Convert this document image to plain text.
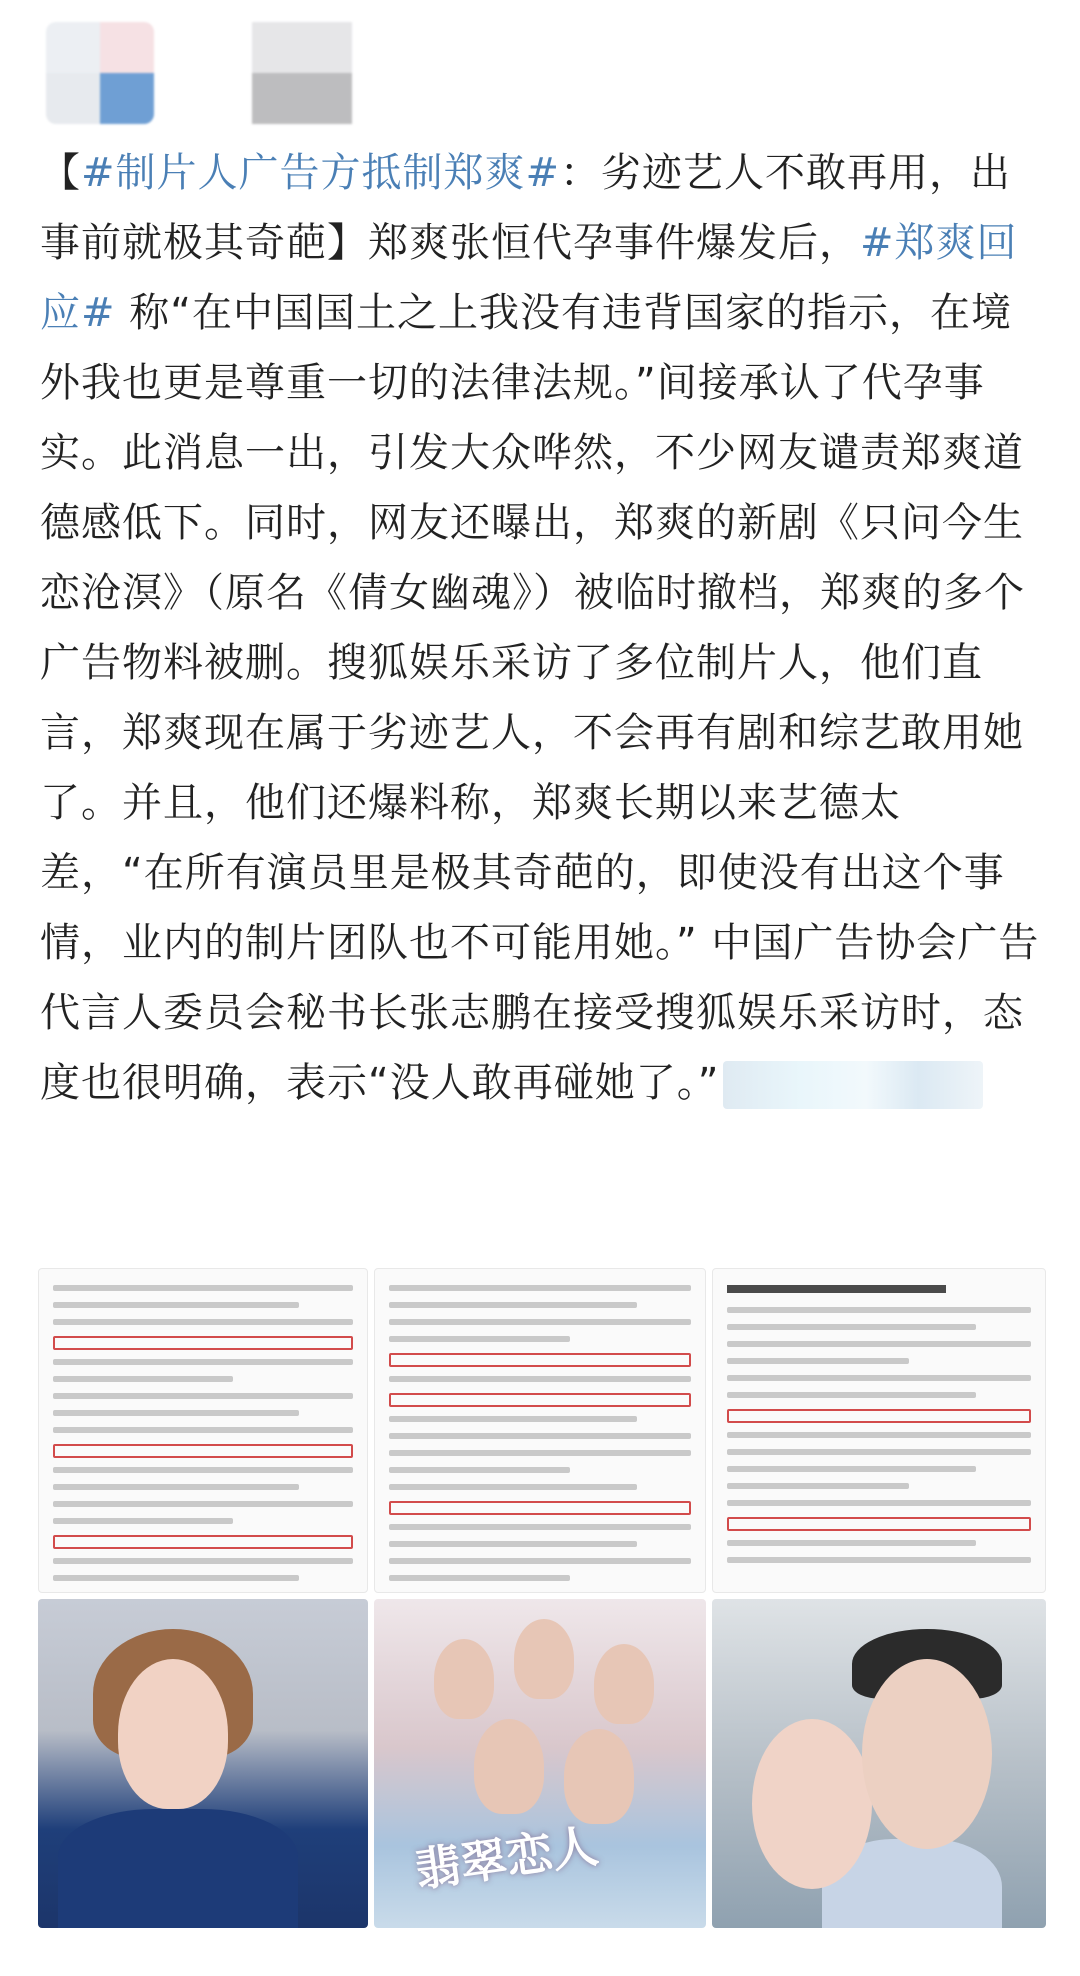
【#制片人广告方抵制郑爽#：劣迹艺人不敢再用，出事前就极其奇葩】郑爽张恒代孕事件爆发后，#郑爽回应# 称“在中国国土之上我没有违背国家的指示，在境外我也更是尊重一切的法律法规。”间接承认了代孕事实。此消息一出，引发大众哗然，不少网友谴责郑爽道德感低下。同时，网友还曝出，郑爽的新剧《只问今生恋沧溟》（原名《倩女幽魂》）被临时撤档，郑爽的多个广告物料被删。搜狐娱乐采访了多位制片人，他们直言，郑爽现在属于劣迹艺人，不会再有剧和综艺敢用她了。并且，他们还爆料称，郑爽长期以来艺德太差，“在所有演员里是极其奇葩的，即使没有出这个事情，业内的制片团队也不可能用她。” 中国广告协会广告代言人委员会秘书长张志鹏在接受搜狐娱乐采访时，态度也很明确，表示“没人敢再碰她了。”
翡翠恋人
